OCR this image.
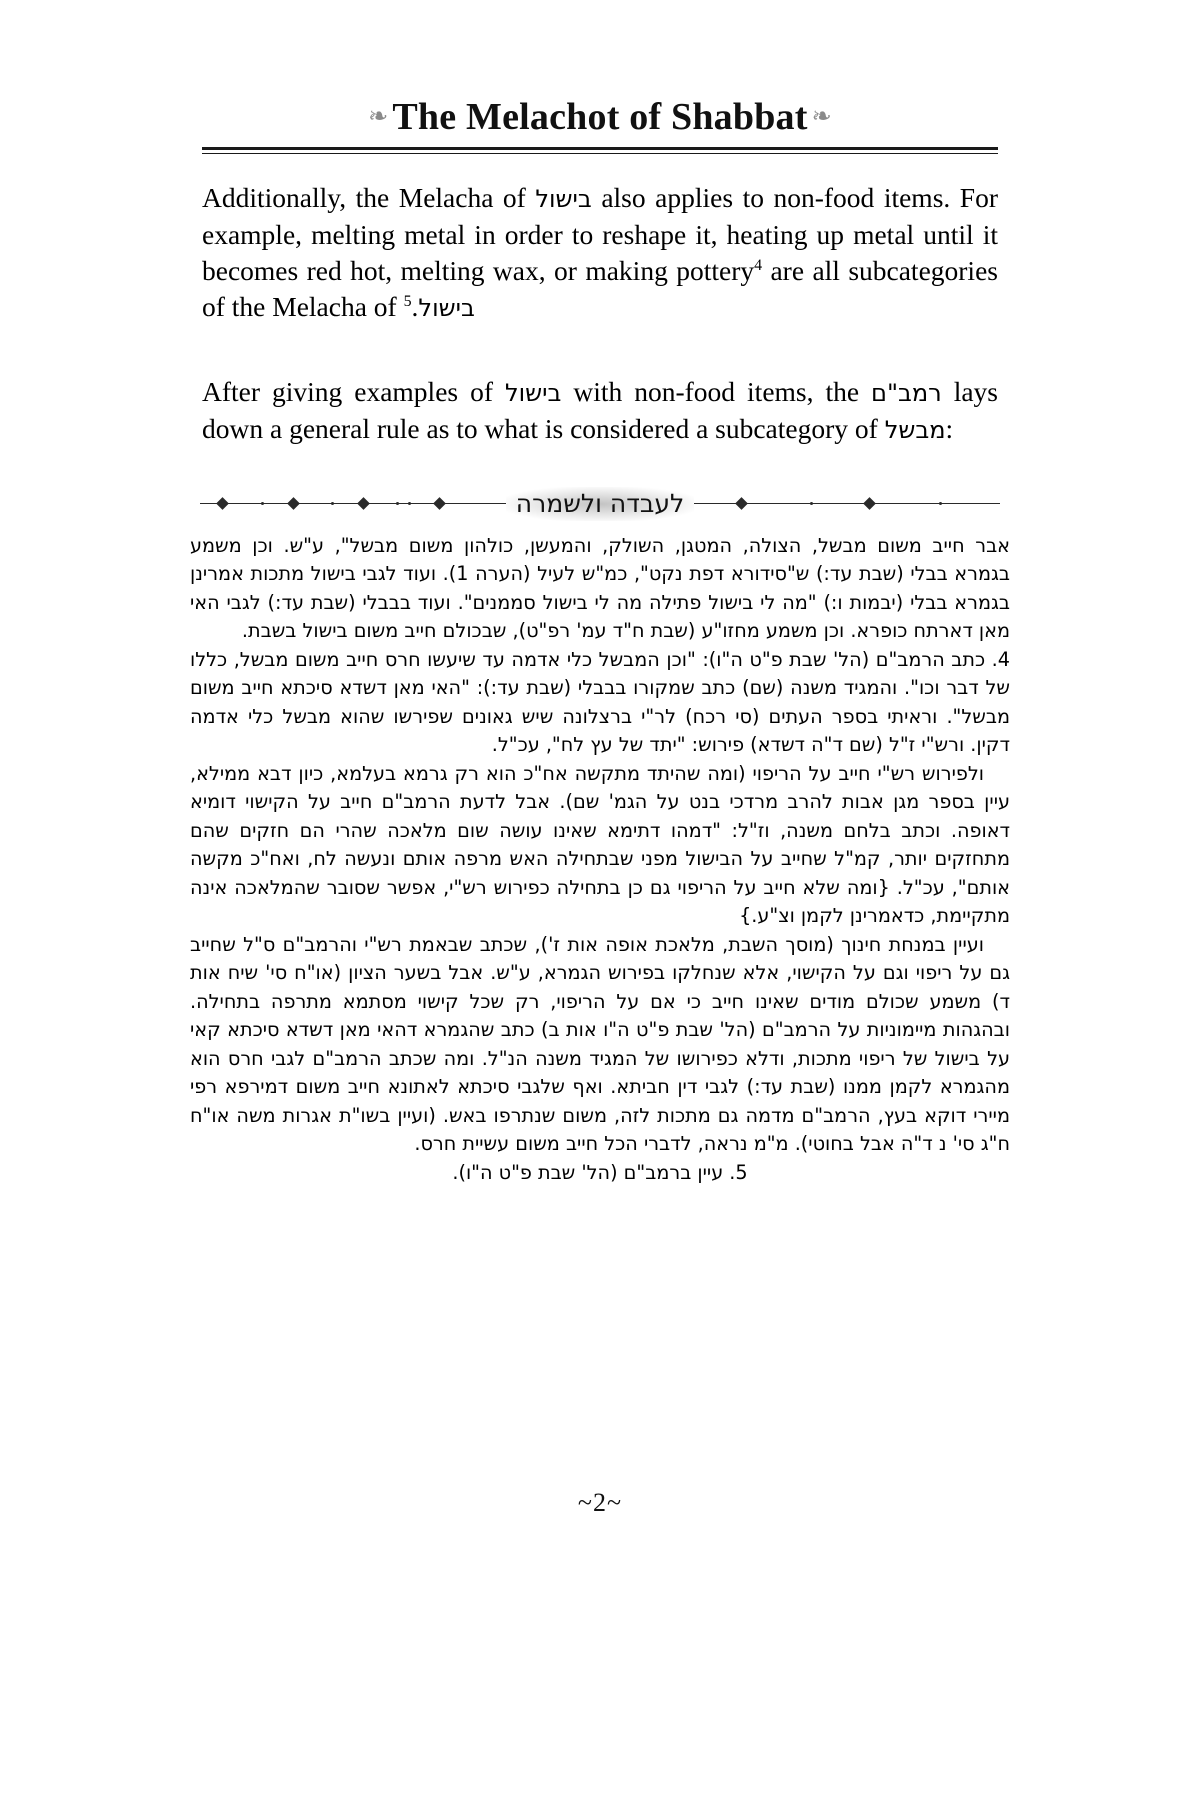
❧ The Melachot of Shabbat ❧

Additionally, the Melacha of בישול also applies to non-food items. For example, melting metal in order to reshape it, heating up metal until it becomes red hot, melting wax, or making pottery$^4$ are all subcategories of the Melacha of בישול.$^5$

After giving examples of בישול with non-food items, the רמב"ם lays down a general rule as to what is considered a subcategory of מבשל:

לעבדה ולשמרה

אבר חייב משום מבשל, הצולה, המטגן, השולק, והמעשן, כולהון משום מבשל", ע"ש. וכן משמע בגמרא בבלי (שבת עד:) ש"סידורא דפת נקט", כמ"ש לעיל (הערה 1). ועוד לגבי בישול מתכות אמרינן בגמרא בבלי (יבמות ו:) "מה לי בישול פתילה מה לי בישול סממנים". ועוד בבבלי (שבת עד:) לגבי האי מאן דארתח כופרא. וכן משמע מחזו"ע (שבת ח"ד עמ' רפ"ט), שבכולם חייב משום בישול בשבת.

4. כתב הרמב"ם (הל' שבת פ"ט ה"ו): "וכן המבשל כלי אדמה עד שיעשו חרס חייב משום מבשל, כללו של דבר וכו". והמגיד משנה (שם) כתב שמקורו בבבלי (שבת עד:): "האי מאן דשדא סיכתא חייב משום מבשל". וראיתי בספר העתים (סי רכח) לר"י ברצלונה שיש גאונים שפירשו שהוא מבשל כלי אדמה דקין. ורש"י ז"ל (שם ד"ה דשדא) פירוש: "יתד של עץ לח", עכ"ל.

ולפירוש רש"י חייב על הריפוי (ומה שהיתד מתקשה אח"כ הוא רק גרמא בעלמא, כיון דבא ממילא, עיין בספר מגן אבות להרב מרדכי בנט על הגמ' שם). אבל לדעת הרמב"ם חייב על הקישוי דומיא דאופה. וכתב בלחם משנה, וז"ל: "דמהו דתימא שאינו עושה שום מלאכה שהרי הם חזקים שהם מתחזקים יותר, קמ"ל שחייב על הבישול מפני שבתחילה האש מרפה אותם ונעשה לח, ואח"כ מקשה אותם", עכ"ל. {ומה שלא חייב על הריפוי גם כן בתחילה כפירוש רש"י, אפשר שסובר שהמלאכה אינה מתקיימת, כדאמרינן לקמן וצ"ע.}

ועיין במנחת חינוך (מוסך השבת, מלאכת אופה אות ז'), שכתב שבאמת רש"י והרמב"ם ס"ל שחייב גם על ריפוי וגם על הקישוי, אלא שנחלקו בפירוש הגמרא, ע"ש. אבל בשער הציון (או"ח סי' שיח אות ד) משמע שכולם מודים שאינו חייב כי אם על הריפוי, רק שכל קישוי מסתמא מתרפה בתחילה. ובהגהות מיימוניות על הרמב"ם (הל' שבת פ"ט ה"ו אות ב) כתב שהגמרא דהאי מאן דשדא סיכתא קאי על בישול של ריפוי מתכות, ודלא כפירושו של המגיד משנה הנ"ל. ומה שכתב הרמב"ם לגבי חרס הוא מהגמרא לקמן ממנו (שבת עד:) לגבי דין חביתא. ואף שלגבי סיכתא לאתונא חייב משום דמירפא רפי מיירי דוקא בעץ, הרמב"ם מדמה גם מתכות לזה, משום שנתרפו באש. (ועיין בשו"ת אגרות משה או"ח ח"ג סי' נ ד"ה אבל בחוטי). מ"מ נראה, לדברי הכל חייב משום עשיית חרס.

5. עיין ברמב"ם (הל' שבת פ"ט ה"ו).

~2~
